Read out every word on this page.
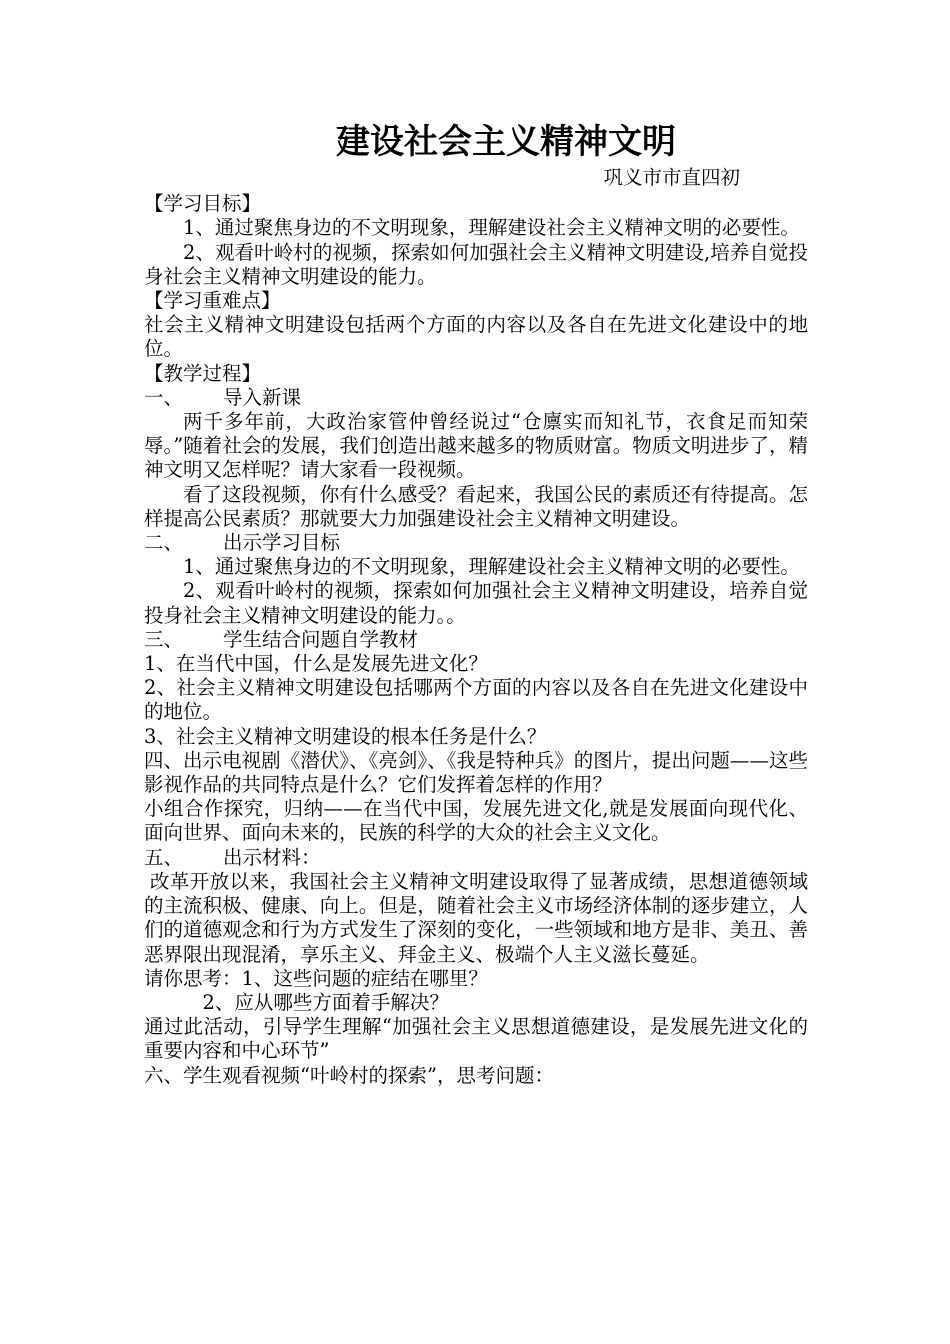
建设社会主义精神文明
巩义市市直四初

【学习目标】

1、通过聚焦身边的不文明现象，理解建设社会主义精神文明的必要性。

2、观看叶岭村的视频，探索如何加强社会主义精神文明建设,培养自觉投身社会主义精神文明建设的能力。

【学习重难点】

社会主义精神文明建设包括两个方面的内容以及各自在先进文化建设中的地位。

【教学过程】

一、 导入新课

两千多年前，大政治家管仲曾经说过“仓廪实而知礼节，衣食足而知荣辱。”随着社会的发展，我们创造出越来越多的物质财富。物质文明进步了，精神文明又怎样呢？请大家看一段视频。

看了这段视频，你有什么感受？看起来，我国公民的素质还有待提高。怎样提高公民素质？那就要大力加强建设社会主义精神文明建设。

二、 出示学习目标

1、通过聚焦身边的不文明现象，理解建设社会主义精神文明的必要性。

2、观看叶岭村的视频，探索如何加强社会主义精神文明建设，培养自觉投身社会主义精神文明建设的能力。。

三、 学生结合问题自学教材

1、在当代中国，什么是发展先进文化？

2、社会主义精神文明建设包括哪两个方面的内容以及各自在先进文化建设中的地位。

3、社会主义精神文明建设的根本任务是什么？

四、出示电视剧《潜伏》、《亮剑》、《我是特种兵》的图片，提出问题——这些影视作品的共同特点是什么？它们发挥着怎样的作用？

小组合作探究，归纳——在当代中国，发展先进文化,就是发展面向现代化、面向世界、面向未来的，民族的科学的大众的社会主义文化。

五、 出示材料：

改革开放以来，我国社会主义精神文明建设取得了显著成绩，思想道德领域的主流积极、健康、向上。但是，随着社会主义市场经济体制的逐步建立，人们的道德观念和行为方式发生了深刻的变化，一些领域和地方是非、美丑、善恶界限出现混淆，享乐主义、拜金主义、极端个人主义滋长蔓延。

请你思考：1、这些问题的症结在哪里？

2、应从哪些方面着手解决？

通过此活动，引导学生理解“加强社会主义思想道德建设，是发展先进文化的重要内容和中心环节”

六、学生观看视频“叶岭村的探索”，思考问题：
